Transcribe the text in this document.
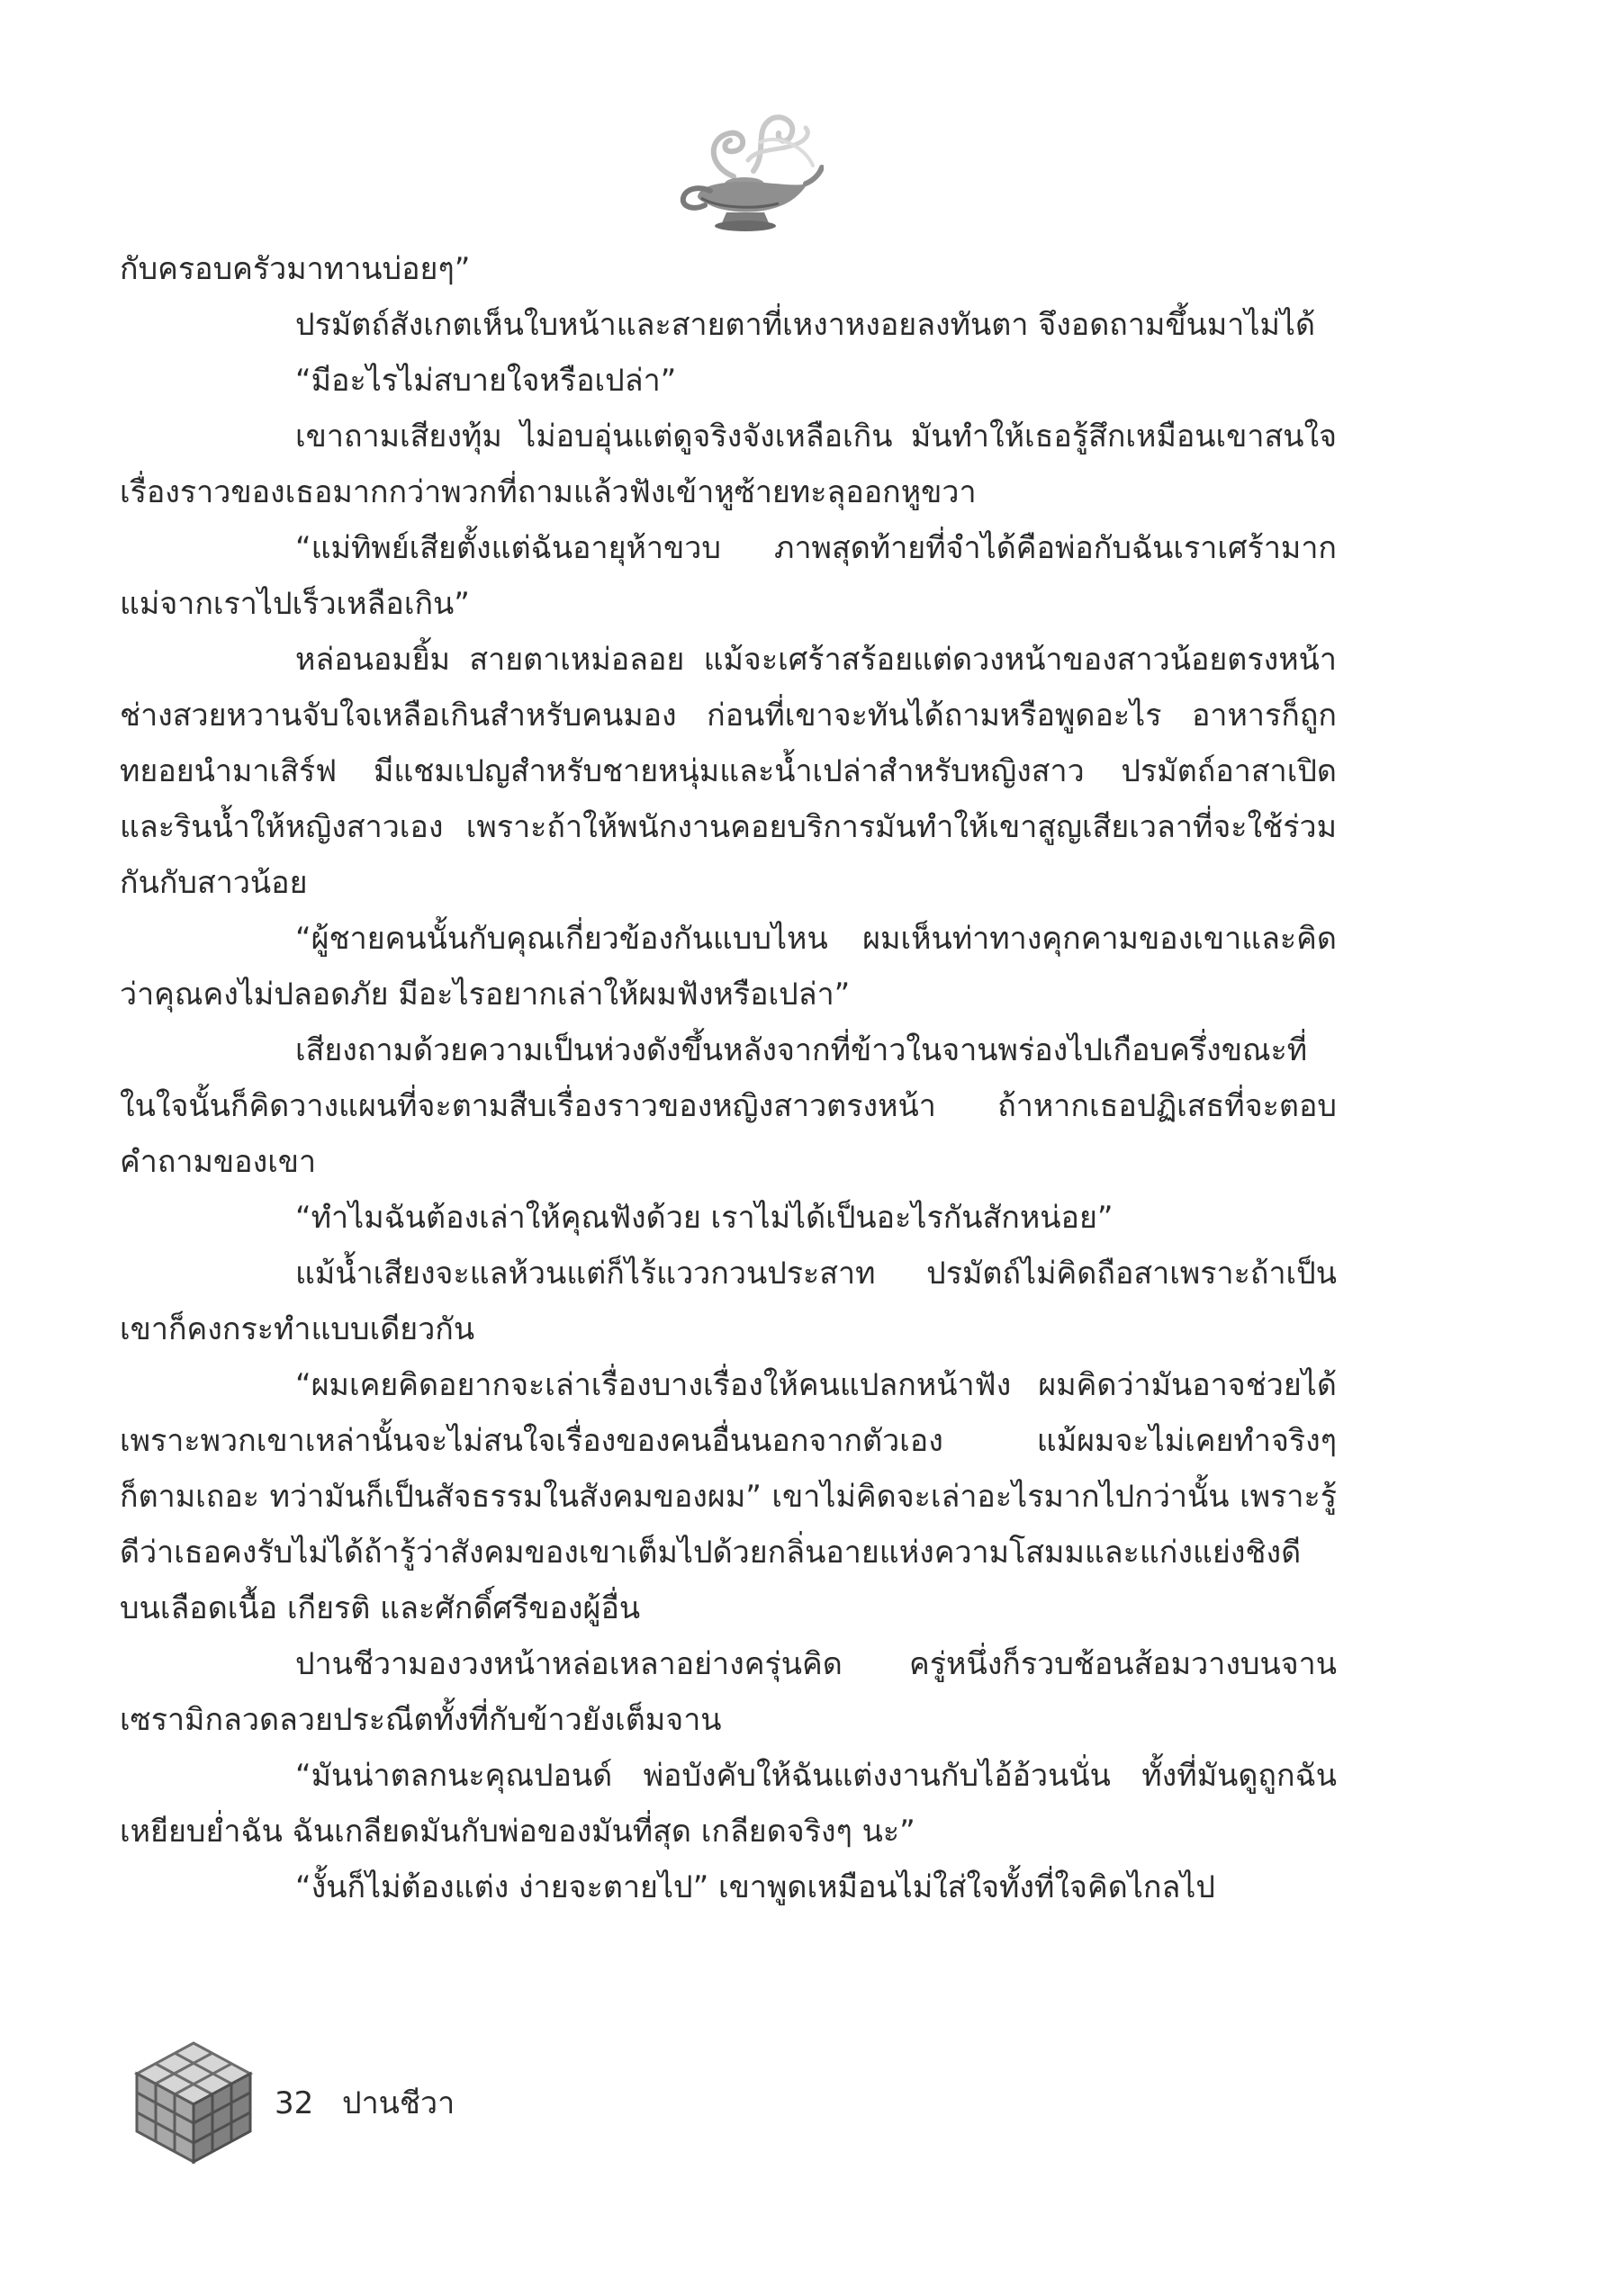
กับครอบครัวมาทานบ่อยๆ”

ปรมัตถ์สังเกตเห็นใบหน้าและสายตาที่เหงาหงอยลงทันตา จึงอดถามขึ้นมาไม่ได้

“มีอะไรไม่สบายใจหรือเปล่า”

เขาถามเสียงทุ้ม ไม่อบอุ่นแต่ดูจริงจังเหลือเกิน มันทำให้เธอรู้สึกเหมือนเขาสนใจเรื่องราวของเธอมากกว่าพวกที่ถามแล้วฟังเข้าหูซ้ายทะลุออกหูขวา

“แม่ทิพย์เสียตั้งแต่ฉันอายุห้าขวบ ภาพสุดท้ายที่จำได้คือพ่อกับฉันเราเศร้ามาก แม่จากเราไปเร็วเหลือเกิน”

หล่อนอมยิ้ม สายตาเหม่อลอย แม้จะเศร้าสร้อยแต่ดวงหน้าของสาวน้อยตรงหน้าช่างสวยหวานจับใจเหลือเกินสำหรับคนมอง ก่อนที่เขาจะทันได้ถามหรือพูดอะไร อาหารก็ถูกทยอยนำมาเสิร์ฟ มีแชมเปญสำหรับชายหนุ่มและน้ำเปล่าสำหรับหญิงสาว ปรมัตถ์อาสาเปิดและรินน้ำให้หญิงสาวเอง เพราะถ้าให้พนักงานคอยบริการมันทำให้เขาสูญเสียเวลาที่จะใช้ร่วมกันกับสาวน้อย

“ผู้ชายคนนั้นกับคุณเกี่ยวข้องกันแบบไหน ผมเห็นท่าทางคุกคามของเขาและคิดว่าคุณคงไม่ปลอดภัย มีอะไรอยากเล่าให้ผมฟังหรือเปล่า”

เสียงถามด้วยความเป็นห่วงดังขึ้นหลังจากที่ข้าวในจานพร่องไปเกือบครึ่งขณะที่ในใจนั้นก็คิดวางแผนที่จะตามสืบเรื่องราวของหญิงสาวตรงหน้า ถ้าหากเธอปฏิเสธที่จะตอบคำถามของเขา

“ทำไมฉันต้องเล่าให้คุณฟังด้วย เราไม่ได้เป็นอะไรกันสักหน่อย”

แม้น้ำเสียงจะแลห้วนแต่ก็ไร้แววกวนประสาท ปรมัตถ์ไม่คิดถือสาเพราะถ้าเป็นเขาก็คงกระทำแบบเดียวกัน

“ผมเคยคิดอยากจะเล่าเรื่องบางเรื่องให้คนแปลกหน้าฟัง ผมคิดว่ามันอาจช่วยได้ เพราะพวกเขาเหล่านั้นจะไม่สนใจเรื่องของคนอื่นนอกจากตัวเอง แม้ผมจะไม่เคยทำจริงๆ ก็ตามเถอะ ทว่ามันก็เป็นสัจธรรมในสังคมของผม” เขาไม่คิดจะเล่าอะไรมากไปกว่านั้น เพราะรู้ดีว่าเธอคงรับไม่ได้ถ้ารู้ว่าสังคมของเขาเต็มไปด้วยกลิ่นอายแห่งความโสมมและแก่งแย่งชิงดีบนเลือดเนื้อ เกียรติ และศักดิ์ศรีของผู้อื่น

ปานชีวามองวงหน้าหล่อเหลาอย่างครุ่นคิด ครู่หนึ่งก็รวบช้อนส้อมวางบนจานเซรามิกลวดลวยประณีตทั้งที่กับข้าวยังเต็มจาน

“มันน่าตลกนะคุณปอนด์ พ่อบังคับให้ฉันแต่งงานกับไอ้อ้วนนั่น ทั้งที่มันดูถูกฉัน เหยียบย่ำฉัน ฉันเกลียดมันกับพ่อของมันที่สุด เกลียดจริงๆ นะ”

“งั้นก็ไม่ต้องแต่ง ง่ายจะตายไป” เขาพูดเหมือนไม่ใส่ใจทั้งที่ใจคิดไกลไป

32 ปานชีวา
